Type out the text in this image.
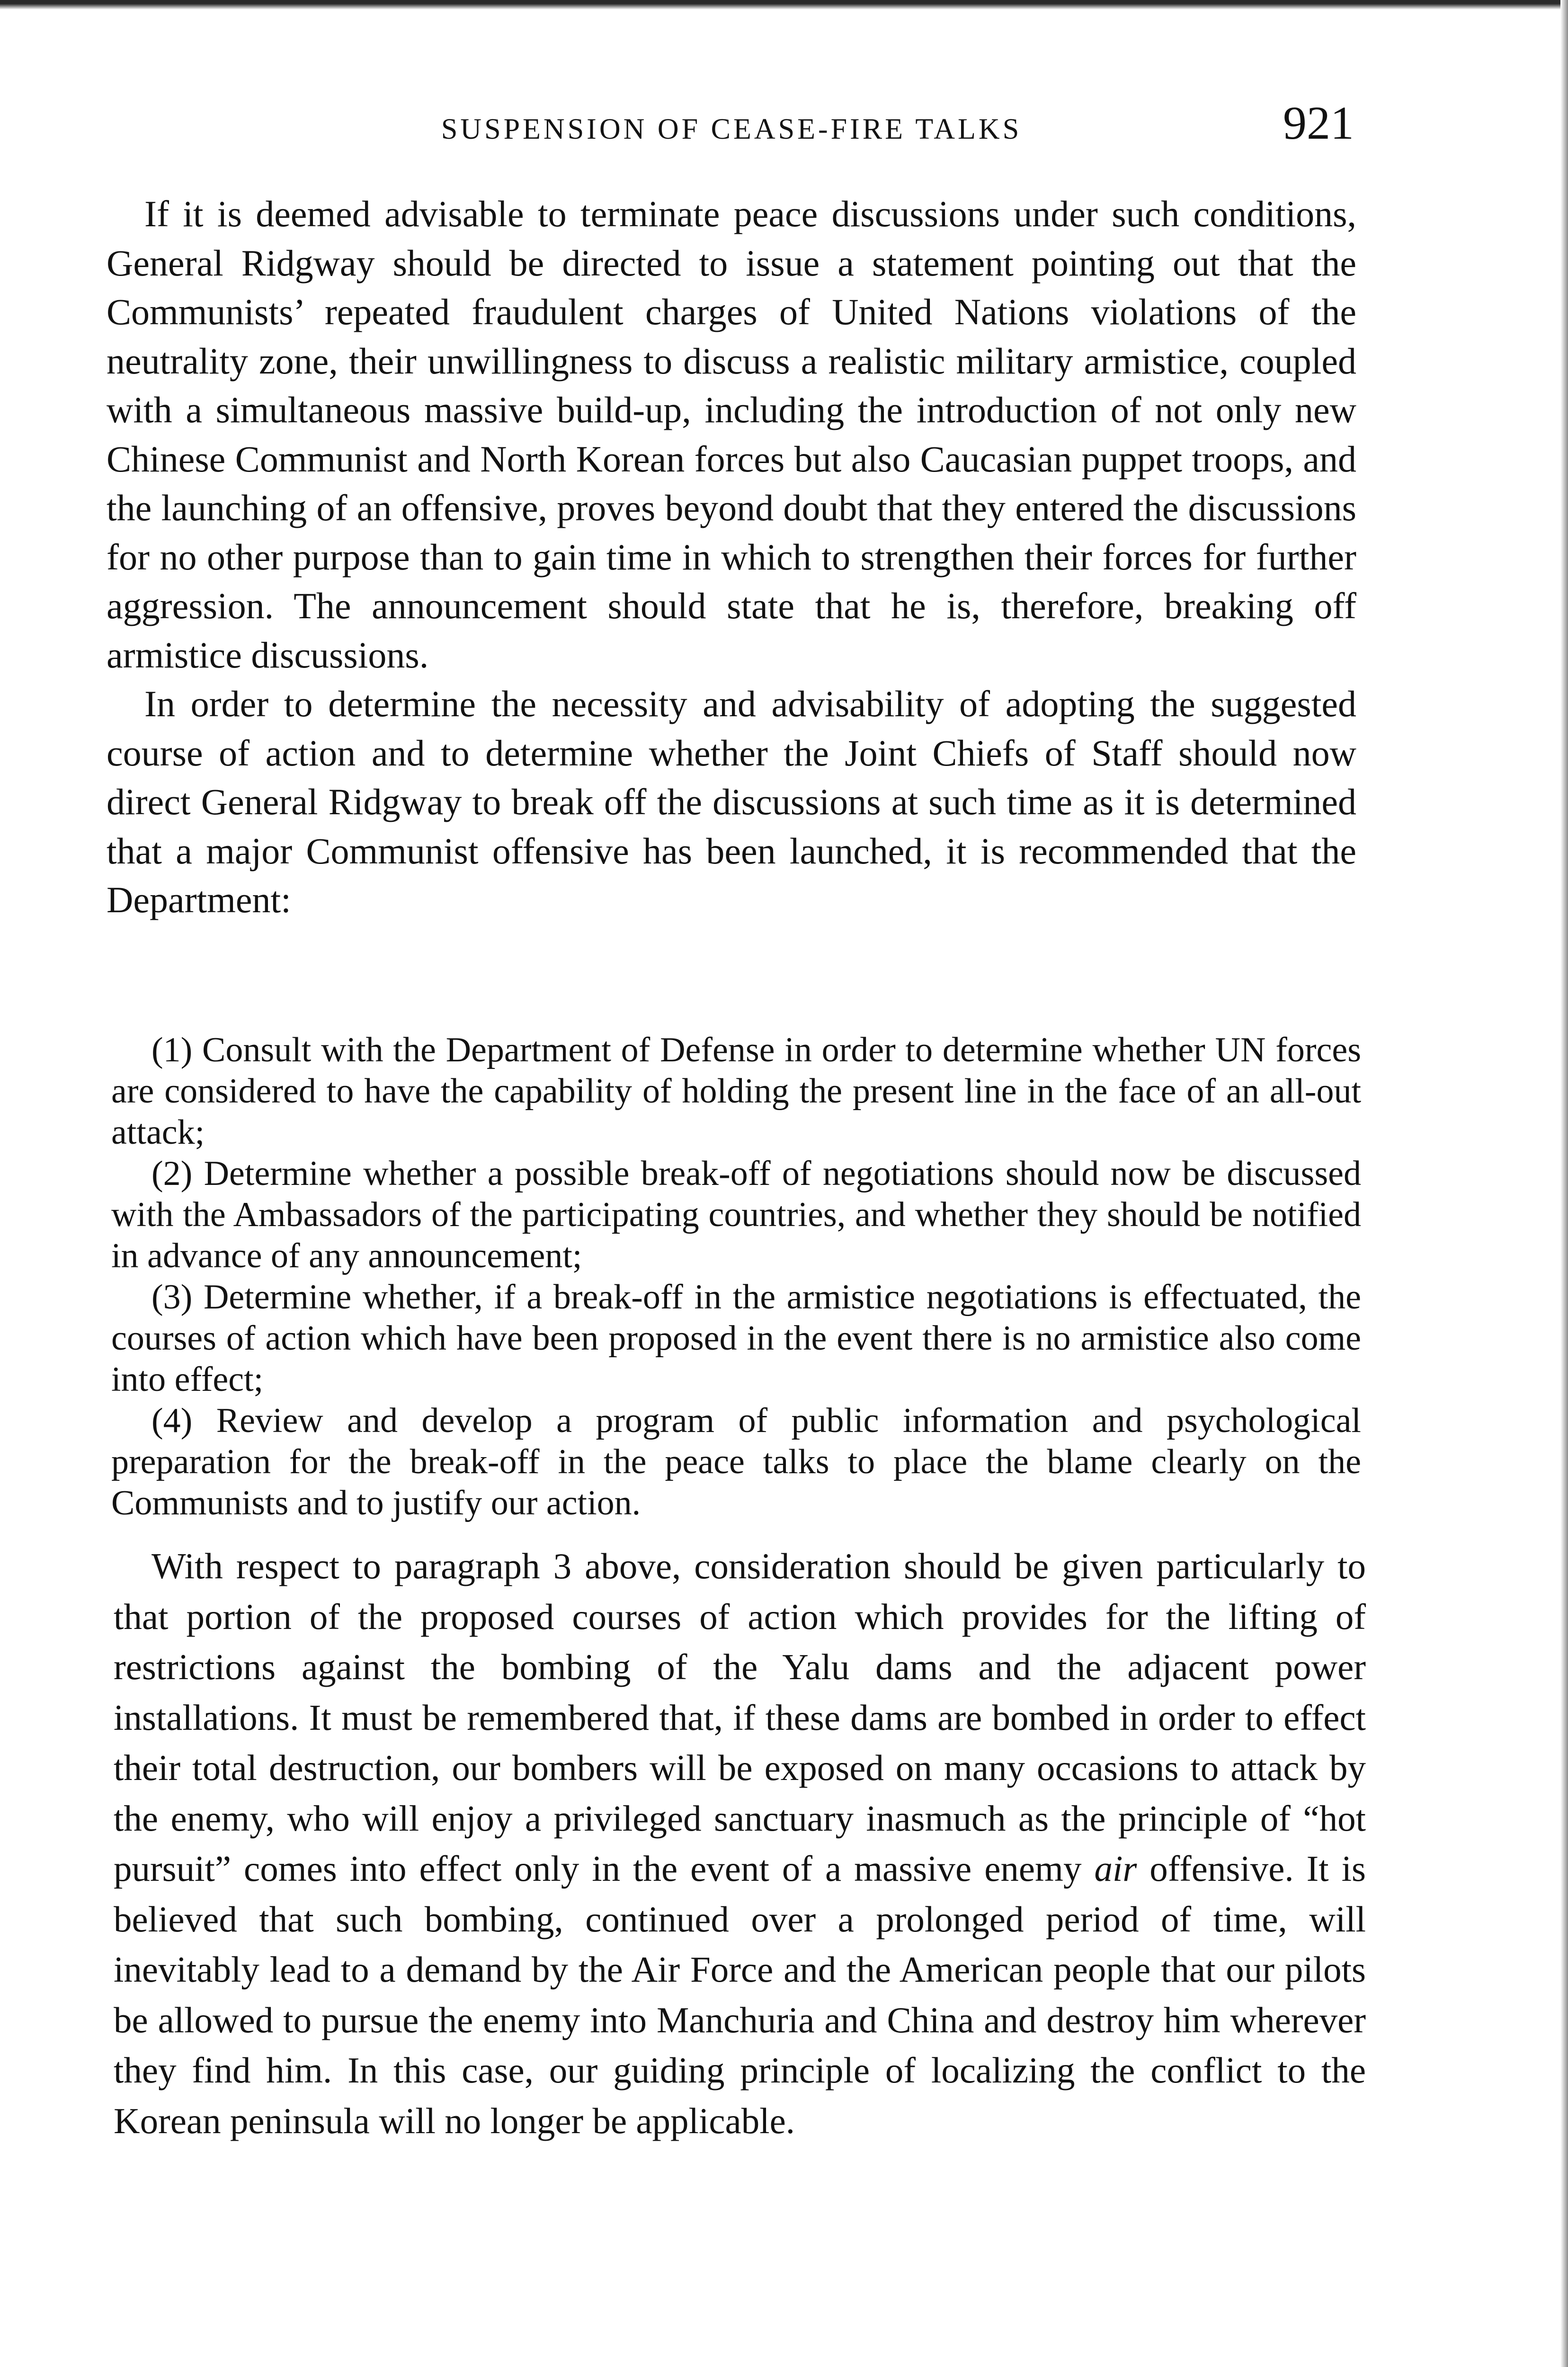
SUSPENSION OF CEASE-FIRE TALKS	921

If it is deemed advisable to terminate peace discussions under such conditions, General Ridgway should be directed to issue a statement pointing out that the Communists’ repeated fraudulent charges of United Nations violations of the neutrality zone, their unwillingness to discuss a realistic military armistice, coupled with a simultaneous massive build-up, including the introduction of not only new Chinese Communist and North Korean forces but also Caucasian puppet troops, and the launching of an offensive, proves beyond doubt that they entered the discussions for no other purpose than to gain time in which to strengthen their forces for further aggression. The announcement should state that he is, therefore, breaking off armistice discussions.

In order to determine the necessity and advisability of adopting the suggested course of action and to determine whether the Joint Chiefs of Staff should now direct General Ridgway to break off the discussions at such time as it is determined that a major Communist offensive has been launched, it is recommended that the Department:

(1) Consult with the Department of Defense in order to determine whether UN forces are considered to have the capability of holding the present line in the face of an all-out attack;

(2) Determine whether a possible break-off of negotiations should now be discussed with the Ambassadors of the participating countries, and whether they should be notified in advance of any announcement;

(3) Determine whether, if a break-off in the armistice negotiations is effectuated, the courses of action which have been proposed in the event there is no armistice also come into effect;

(4) Review and develop a program of public information and psychological preparation for the break-off in the peace talks to place the blame clearly on the Communists and to justify our action.

With respect to paragraph 3 above, consideration should be given particularly to that portion of the proposed courses of action which provides for the lifting of restrictions against the bombing of the Yalu dams and the adjacent power installations. It must be remembered that, if these dams are bombed in order to effect their total destruction, our bombers will be exposed on many occasions to attack by the enemy, who will enjoy a privileged sanctuary inasmuch as the principle of “hot pursuit” comes into effect only in the event of a massive enemy air offensive. It is believed that such bombing, continued over a prolonged period of time, will inevitably lead to a demand by the Air Force and the American people that our pilots be allowed to pursue the enemy into Manchuria and China and destroy him wherever they find him. In this case, our guiding principle of localizing the conflict to the Korean peninsula will no longer be applicable.
